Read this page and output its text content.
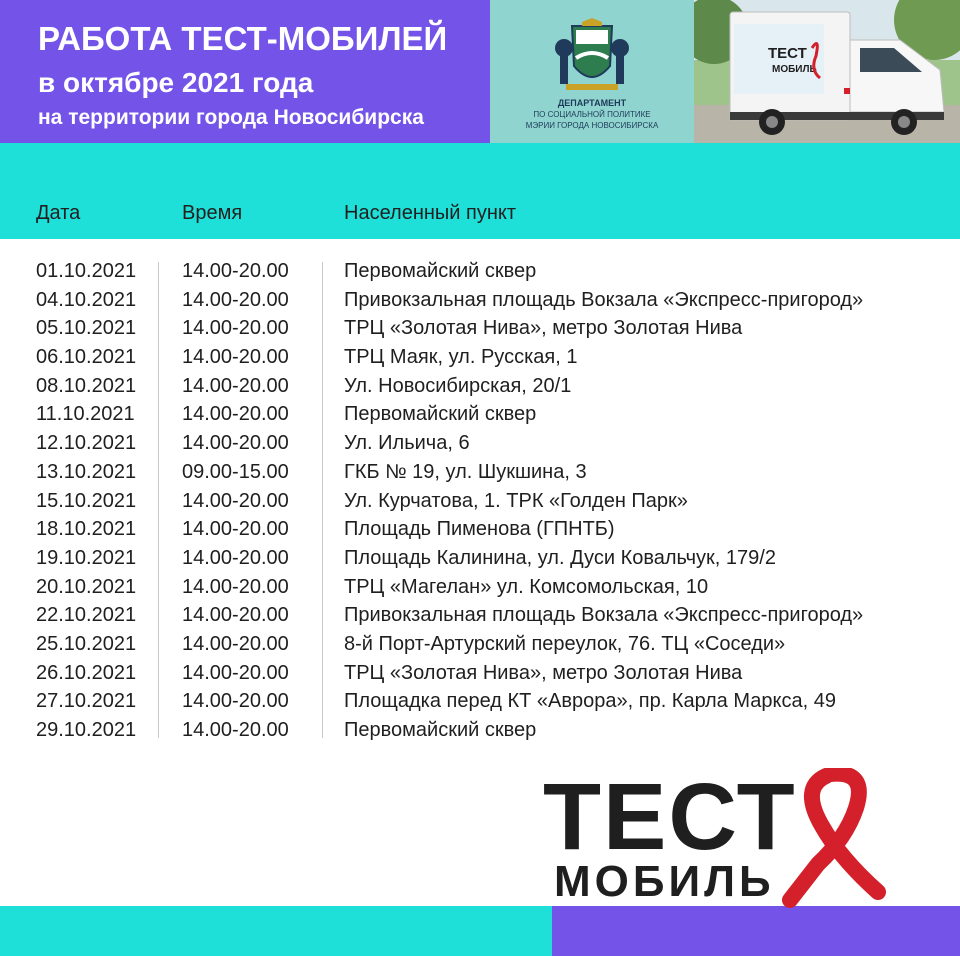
РАБОТА ТЕСТ-МОБИЛЕЙ
в октябре 2021 года
на территории города Новосибирска
ДЕПАРТАМЕНТ
ПО СОЦИАЛЬНОЙ ПОЛИТИКЕ
МЭРИИ ГОРОДА НОВОСИБИРСКА
ТЕСТ
МОБИЛЬ
Дата	Время	Населенный пункт
01.10.2021 14.00-20.00	Первомайский сквер
04.10.2021 14.00-20.00	Привокзальная площадь Вокзала «Экспресс-пригород»
05.10.2021 14.00-20.00	ТРЦ «Золотая Нива», метро Золотая Нива
06.10.2021 14.00-20.00	ТРЦ Маяк, ул. Русская, 1
08.10.2021 14.00-20.00	Ул. Новосибирская, 20/1
11.10.2021 14.00-20.00	Первомайский сквер
12.10.2021 14.00-20.00	Ул. Ильича, 6
13.10.2021 09.00-15.00	ГКБ № 19, ул. Шукшина, 3
15.10.2021 14.00-20.00	Ул. Курчатова, 1. ТРК «Голден Парк»
18.10.2021 14.00-20.00	Площадь Пименова (ГПНТБ)
19.10.2021 14.00-20.00	Площадь Калинина, ул. Дуси Ковальчук, 179/2
20.10.2021 14.00-20.00	ТРЦ «Магелан» ул. Комсомольская, 10
22.10.2021 14.00-20.00	Привокзальная площадь Вокзала «Экспресс-пригород»
25.10.2021 14.00-20.00	8-й Порт-Артурский переулок, 76. ТЦ «Соседи»
26.10.2021 14.00-20.00	ТРЦ «Золотая Нива», метро Золотая Нива
27.10.2021 14.00-20.00	Площадка перед КТ «Аврора», пр. Карла Маркса, 49
29.10.2021 14.00-20.00	Первомайский сквер
ТЕСТ
МОБИЛЬ
